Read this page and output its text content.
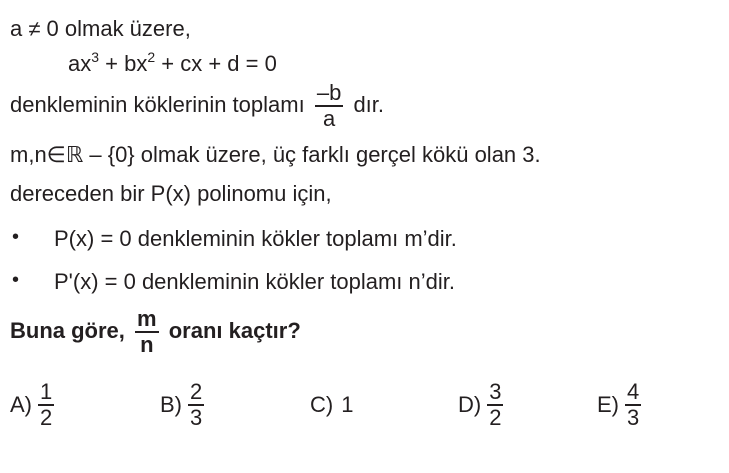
a ≠ 0 olmak üzere,
$ax^3 + bx^2$ + cx + d = 0
denkleminin köklerinin toplamı $\frac{-b}{a}$ dır.
m,n∈ℝ – {0} olmak üzere, üç farklı gerçel kökü olan 3.
dereceden bir P(x) polinomu için,
• P(x) = 0 denkleminin kökler toplamı m’dir.
• P'(x) = 0 denkleminin kökler toplamı n’dir.
Buna göre, $\frac{m}{n}$ oranı kaçtır?
$A) \frac{1}{2}$	$B) \frac{2}{3}$	C) 1	$D) \frac{3}{2}$	$E) \frac{4}{3}$
